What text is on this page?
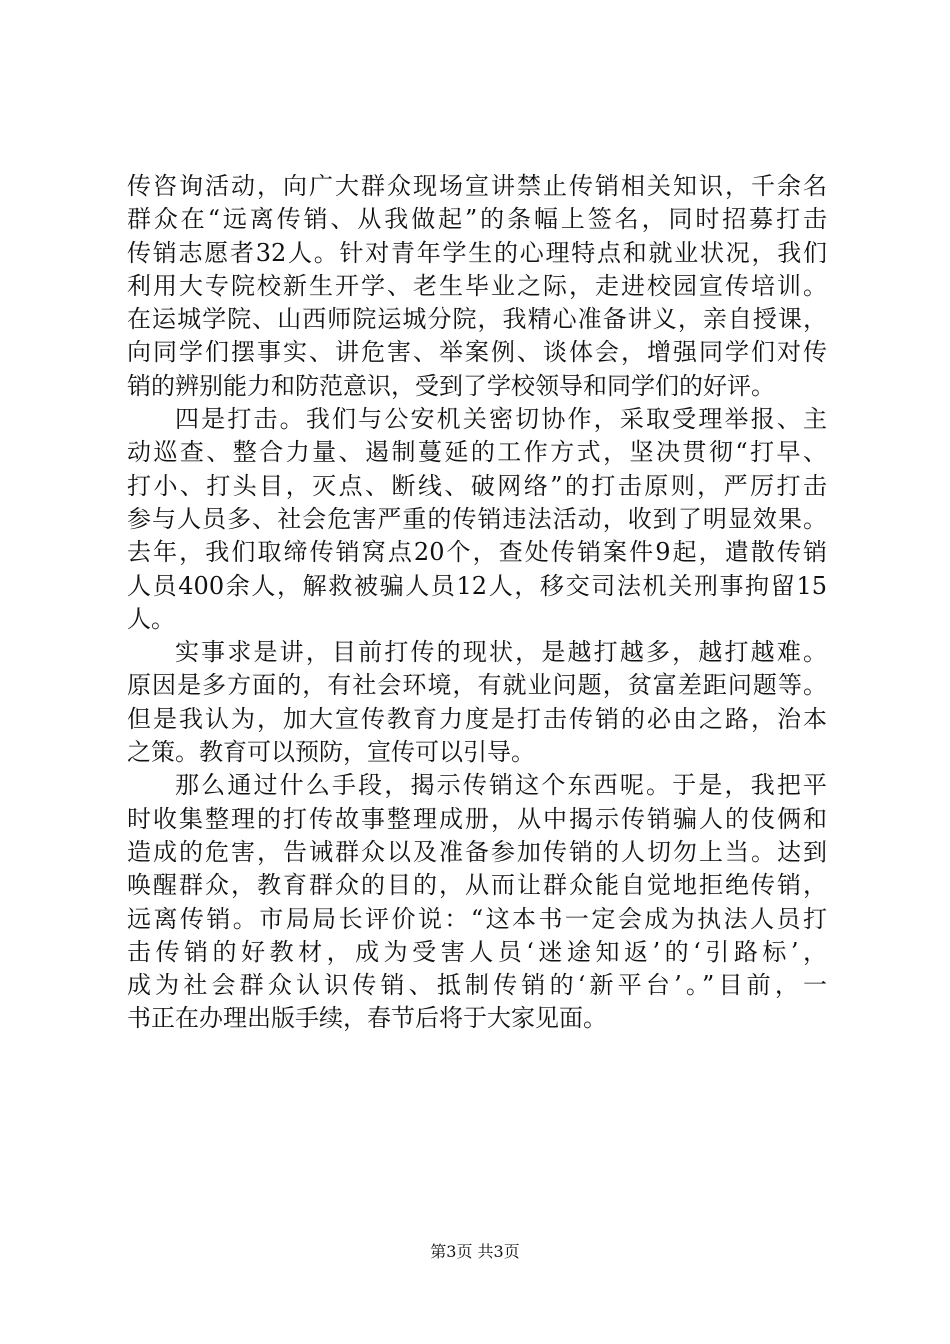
传咨询活动，向广大群众现场宣讲禁止传销相关知识，千余名
群众在“远离传销、从我做起”的条幅上签名，同时招募打击
传销志愿者32人。针对青年学生的心理特点和就业状况，我们
利用大专院校新生开学、老生毕业之际，走进校园宣传培训。
在运城学院、山西师院运城分院，我精心准备讲义，亲自授课，
向同学们摆事实、讲危害、举案例、谈体会，增强同学们对传
销的辨别能力和防范意识，受到了学校领导和同学们的好评。
四是打击。我们与公安机关密切协作，采取受理举报、主
动巡查、整合力量、遏制蔓延的工作方式，坚决贯彻“打早、
打小、打头目，灭点、断线、破网络”的打击原则，严厉打击
参与人员多、社会危害严重的传销违法活动，收到了明显效果。
去年，我们取缔传销窝点20个，查处传销案件9起，遣散传销
人员400余人，解救被骗人员12人，移交司法机关刑事拘留15
人。
实事求是讲，目前打传的现状，是越打越多，越打越难。
原因是多方面的，有社会环境，有就业问题，贫富差距问题等。
但是我认为，加大宣传教育力度是打击传销的必由之路，治本
之策。教育可以预防，宣传可以引导。
那么通过什么手段，揭示传销这个东西呢。于是，我把平
时收集整理的打传故事整理成册，从中揭示传销骗人的伎俩和
造成的危害，告诫群众以及准备参加传销的人切勿上当。达到
唤醒群众，教育群众的目的，从而让群众能自觉地拒绝传销，
远离传销。市局局长评价说：“这本书一定会成为执法人员打
击传销的好教材，成为受害人员‘迷途知返’的‘引路标’，
成为社会群众认识传销、抵制传销的‘新平台’。”目前，一
书正在办理出版手续，春节后将于大家见面。
第3页 共3页
